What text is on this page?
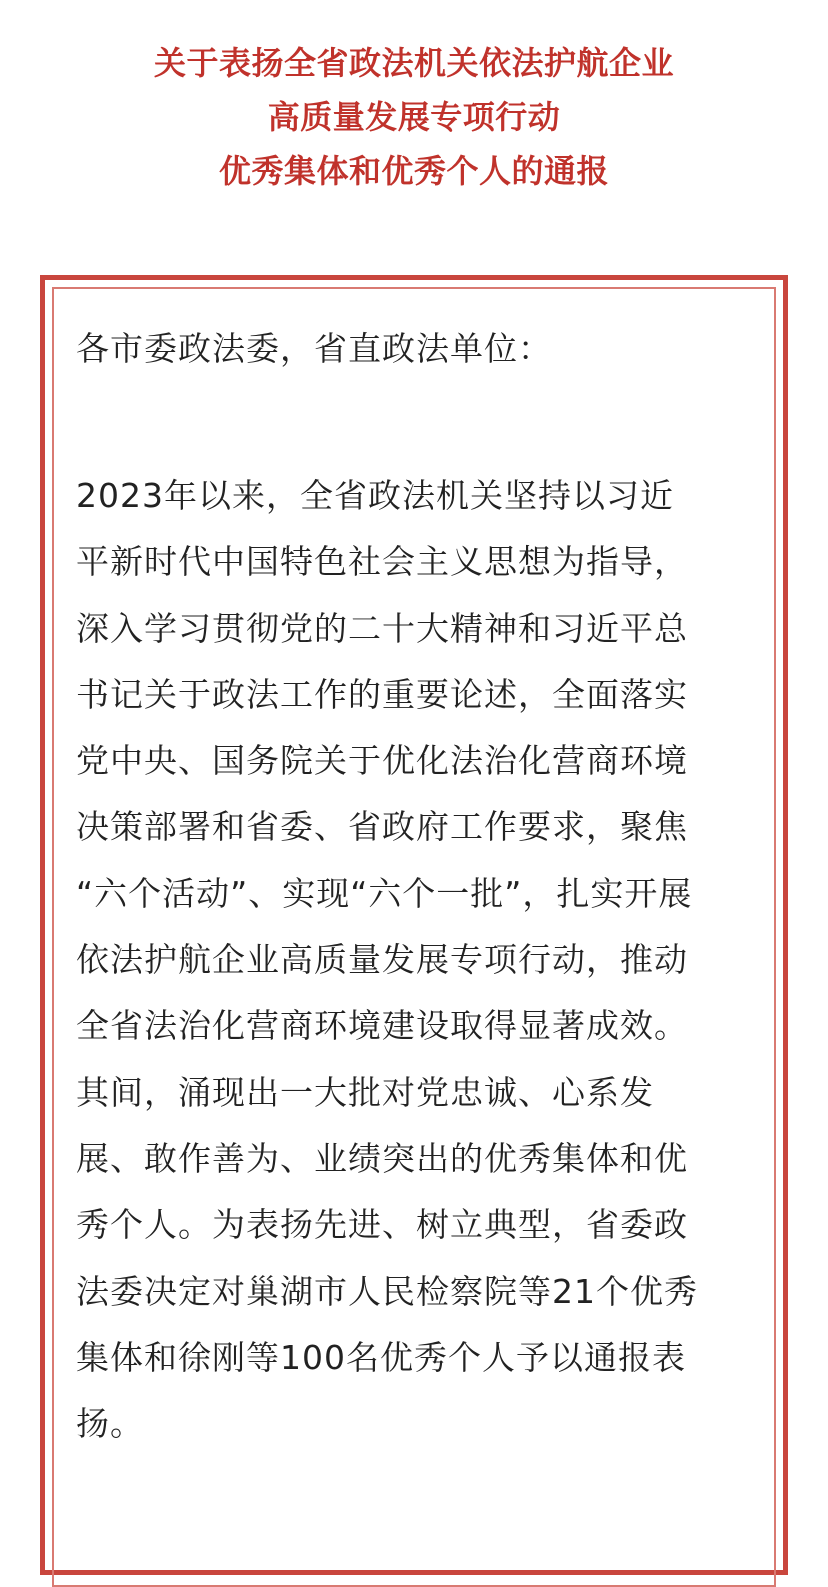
关于表扬全省政法机关依法护航企业
高质量发展专项行动
优秀集体和优秀个人的通报

各市委政法委，省直政法单位：

2023年以来，全省政法机关坚持以习近
平新时代中国特色社会主义思想为指导，
深入学习贯彻党的二十大精神和习近平总
书记关于政法工作的重要论述，全面落实
党中央、国务院关于优化法治化营商环境
决策部署和省委、省政府工作要求，聚焦
“六个活动”、实现“六个一批”，扎实开展
依法护航企业高质量发展专项行动，推动
全省法治化营商环境建设取得显著成效。
其间，涌现出一大批对党忠诚、心系发
展、敢作善为、业绩突出的优秀集体和优
秀个人。为表扬先进、树立典型，省委政
法委决定对巢湖市人民检察院等21个优秀
集体和徐刚等100名优秀个人予以通报表
扬。
